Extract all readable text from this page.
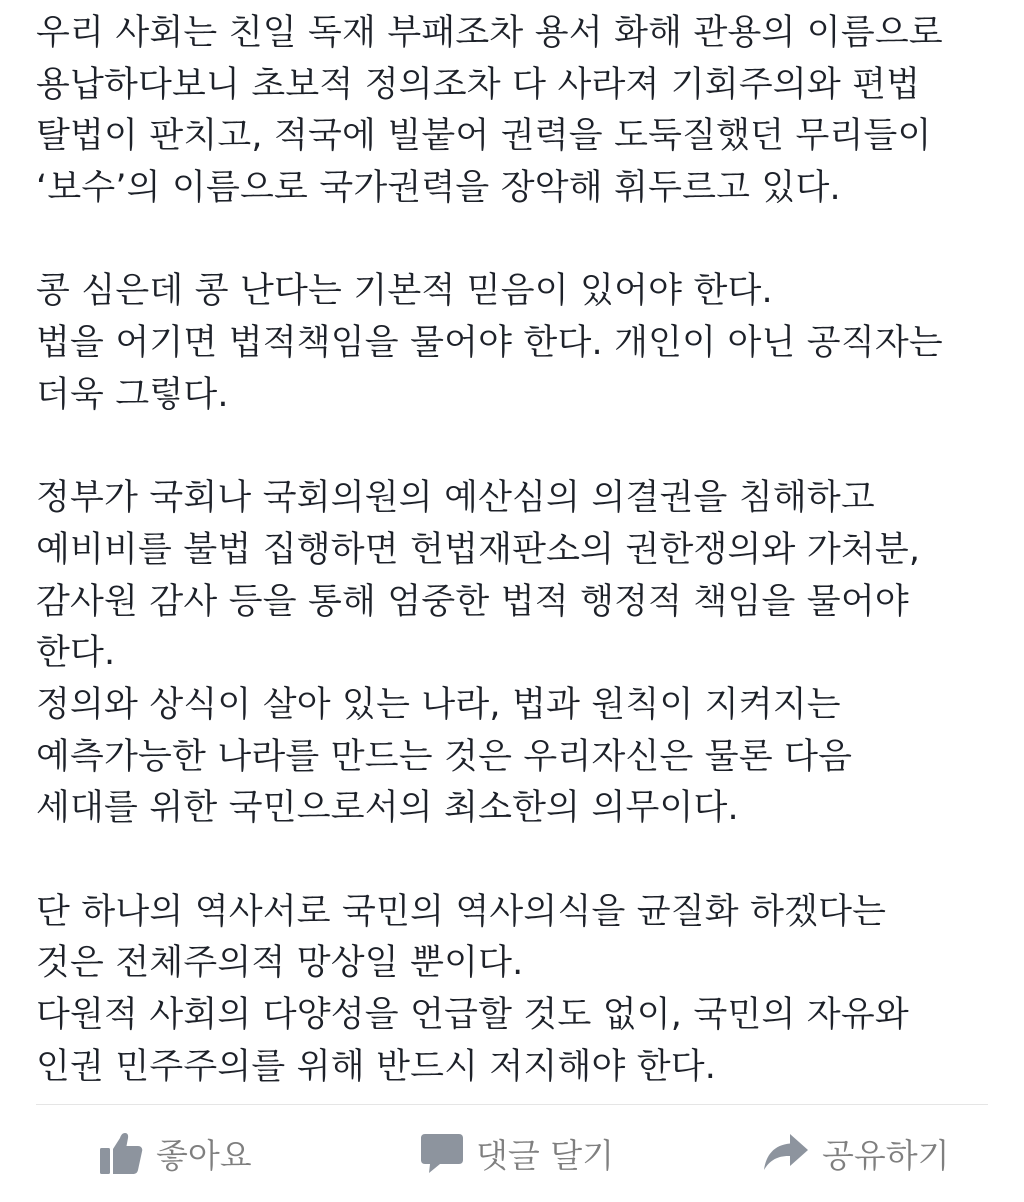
우리 사회는 친일 독재 부패조차 용서 화해 관용의 이름으로
용납하다보니 초보적 정의조차 다 사라져 기회주의와 편법
탈법이 판치고, 적국에 빌붙어 권력을 도둑질했던 무리들이
‘보수’의 이름으로 국가권력을 장악해 휘두르고 있다.
콩 심은데 콩 난다는 기본적 믿음이 있어야 한다.
법을 어기면 법적책임을 물어야 한다. 개인이 아닌 공직자는
더욱 그렇다.
정부가 국회나 국회의원의 예산심의 의결권을 침해하고
예비비를 불법 집행하면 헌법재판소의 권한쟁의와 가처분,
감사원 감사 등을 통해 엄중한 법적 행정적 책임을 물어야
한다.
정의와 상식이 살아 있는 나라, 법과 원칙이 지켜지는
예측가능한 나라를 만드는 것은 우리자신은 물론 다음
세대를 위한 국민으로서의 최소한의 의무이다.
단 하나의 역사서로 국민의 역사의식을 균질화 하겠다는
것은 전체주의적 망상일 뿐이다.
다원적 사회의 다양성을 언급할 것도 없이, 국민의 자유와
인권 민주주의를 위해 반드시 저지해야 한다.
좋아요	댓글 달기	공유하기
